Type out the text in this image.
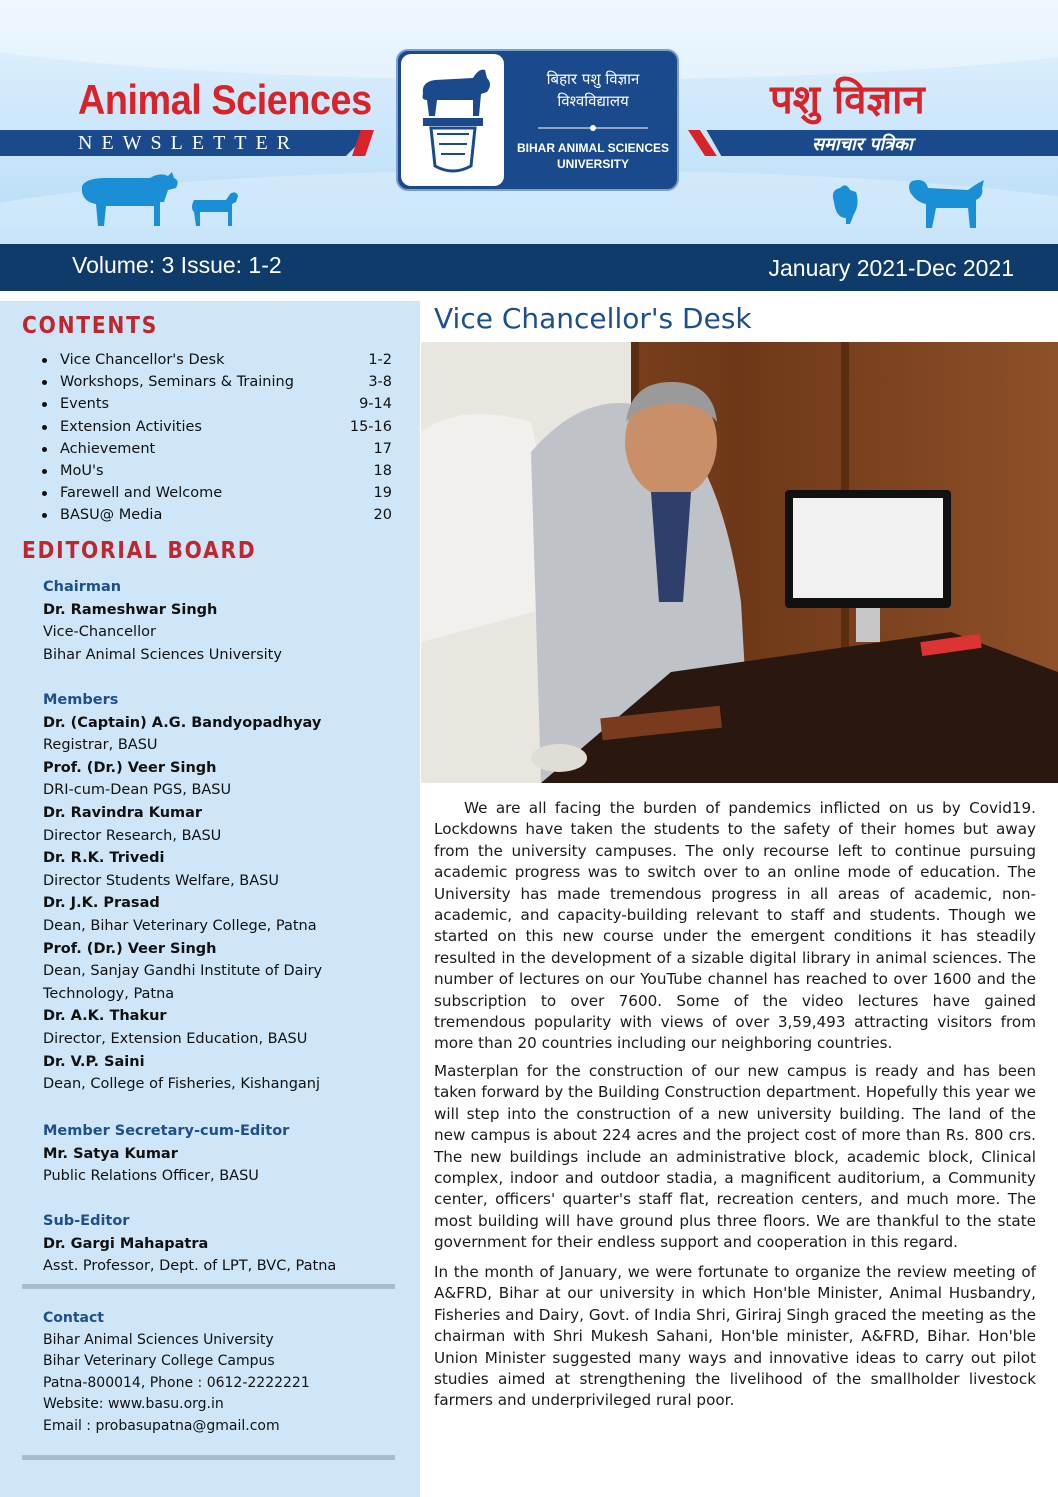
Animal Sciences
NEWSLETTER
पशु विज्ञान
समाचार पत्रिका
बिहार पशु विज्ञान
विश्वविद्यालय
BIHAR ANIMAL SCIENCES
UNIVERSITY
Volume: 3 Issue: 1-2	January 2021-Dec 2021
CONTENTS
Vice Chancellor's Desk	1-2
Workshops, Seminars & Training	3-8
Events	9-14
Extension Activities	15-16
Achievement	17
MoU's	18
Farewell and Welcome	19
BASU@ Media	20
EDITORIAL BOARD
Chairman
Dr. Rameshwar Singh
Vice-Chancellor
Bihar Animal Sciences University
Members
Dr. (Captain) A.G. Bandyopadhyay
Registrar, BASU
Prof. (Dr.) Veer Singh
DRI-cum-Dean PGS, BASU
Dr. Ravindra Kumar
Director Research, BASU
Dr. R.K. Trivedi
Director Students Welfare, BASU
Dr. J.K. Prasad
Dean, Bihar Veterinary College, Patna
Prof. (Dr.) Veer Singh
Dean, Sanjay Gandhi Institute of Dairy Technology, Patna
Dr. A.K. Thakur
Director, Extension Education, BASU
Dr. V.P. Saini
Dean, College of Fisheries, Kishanganj
Member Secretary-cum-Editor
Mr. Satya Kumar
Public Relations Officer, BASU
Sub-Editor
Dr. Gargi Mahapatra
Asst. Professor, Dept. of LPT, BVC, Patna
Contact
Bihar Animal Sciences University
Bihar Veterinary College Campus
Patna-800014, Phone : 0612-2222221
Website: www.basu.org.in
Email : probasupatna@gmail.com
Vice Chancellor's Desk
We are all facing the burden of pandemics inflicted on us by Covid19. Lockdowns have taken the students to the safety of their homes but away from the university campuses. The only recourse left to continue pursuing academic progress was to switch over to an online mode of education. The University has made tremendous progress in all areas of academic, non-academic, and capacity-building relevant to staff and students. Though we started on this new course under the emergent conditions it has steadily resulted in the development of a sizable digital library in animal sciences. The number of lectures on our YouTube channel has reached to over 1600 and the subscription to over 7600. Some of the video lectures have gained tremendous popularity with views of over 3,59,493 attracting visitors from more than 20 countries including our neighboring countries.
Masterplan for the construction of our new campus is ready and has been taken forward by the Building Construction department. Hopefully this year we will step into the construction of a new university building. The land of the new campus is about 224 acres and the project cost of more than Rs. 800 crs. The new buildings include an administrative block, academic block, Clinical complex, indoor and outdoor stadia, a magnificent auditorium, a Community center, officers' quarter's staff flat, recreation centers, and much more. The most building will have ground plus three floors. We are thankful to the state government for their endless support and cooperation in this regard.
In the month of January, we were fortunate to organize the review meeting of A&FRD, Bihar at our university in which Hon'ble Minister, Animal Husbandry, Fisheries and Dairy, Govt. of India Shri, Giriraj Singh graced the meeting as the chairman with Shri Mukesh Sahani, Hon'ble minister, A&FRD, Bihar. Hon'ble Union Minister suggested many ways and innovative ideas to carry out pilot studies aimed at strengthening the livelihood of the smallholder livestock farmers and underprivileged rural poor.
